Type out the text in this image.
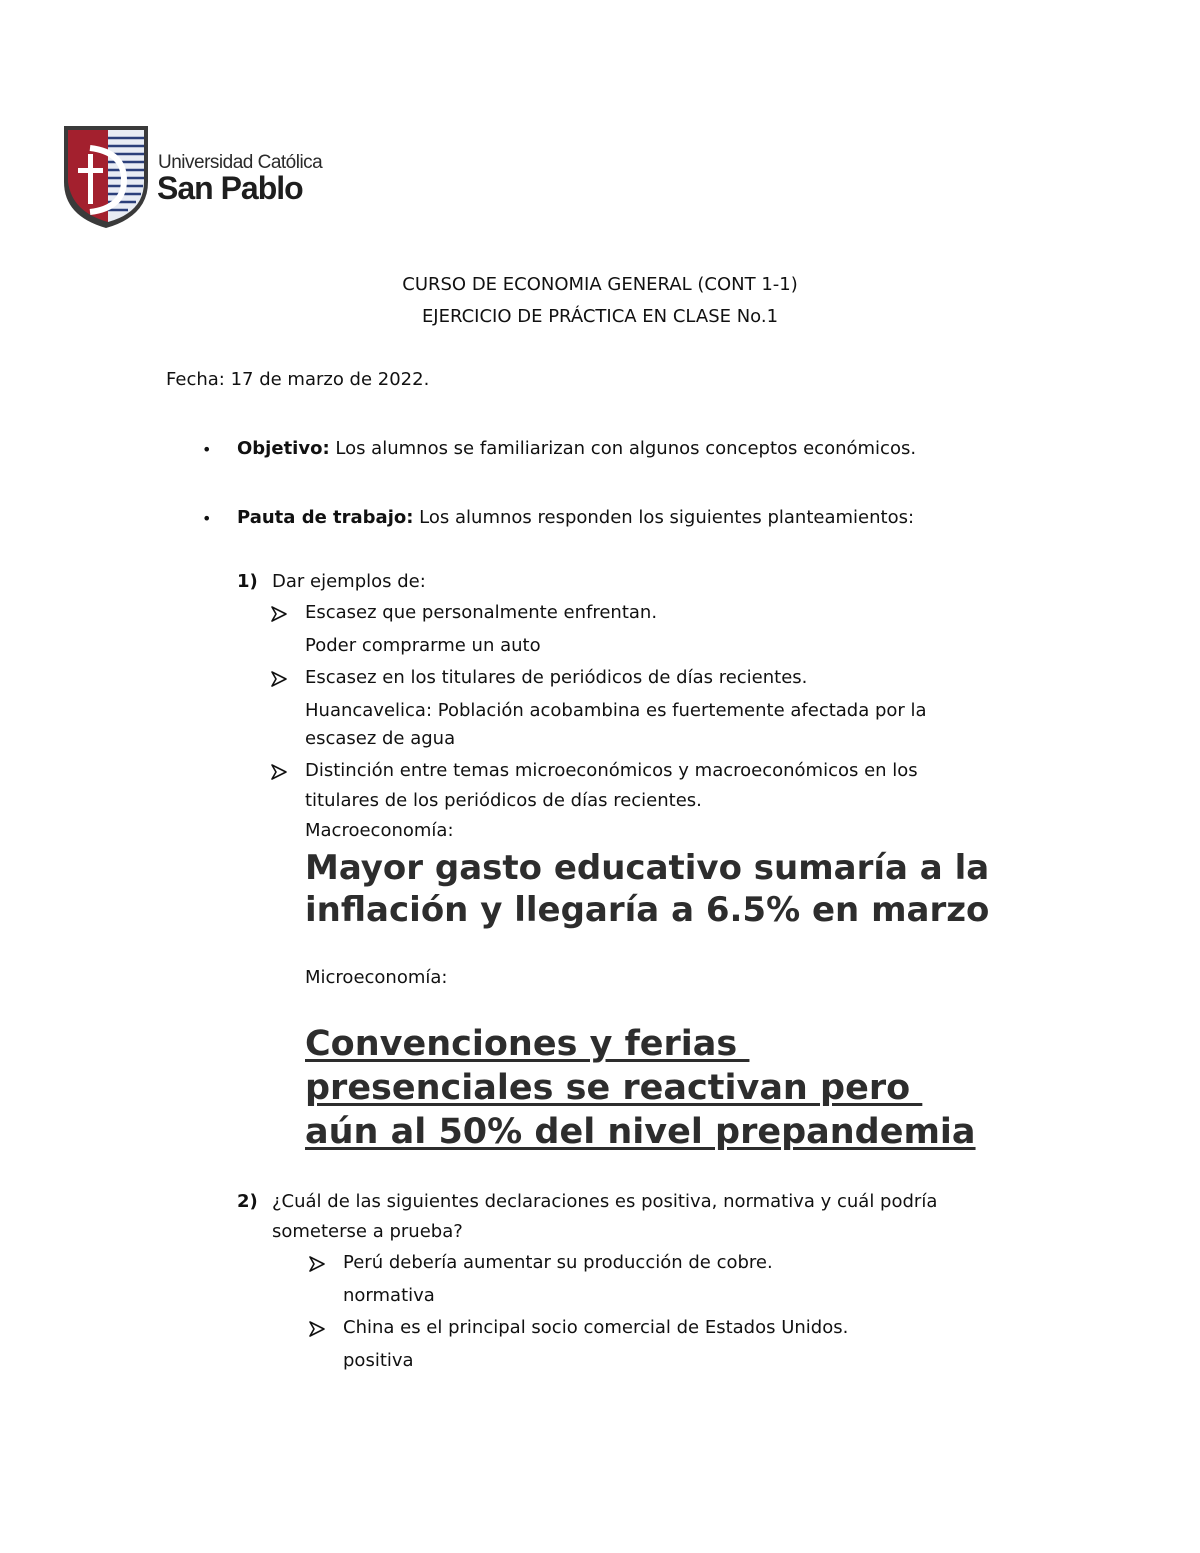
Universidad Católica
San Pablo
CURSO DE ECONOMIA GENERAL (CONT 1-1)
EJERCICIO DE PRÁCTICA EN CLASE No.1
Fecha: 17 de marzo de 2022.
• Objetivo: Los alumnos se familiarizan con algunos conceptos económicos.
• Pauta de trabajo: Los alumnos responden los siguientes planteamientos:
1) Dar ejemplos de:
Escasez que personalmente enfrentan.
Poder comprarme un auto
Escasez en los titulares de periódicos de días recientes.
Huancavelica: Población acobambina es fuertemente afectada por la
escasez de agua
Distinción entre temas microeconómicos y macroeconómicos en los
titulares de los periódicos de días recientes.
Macroeconomía:
Mayor gasto educativo sumaría a la
inflación y llegaría a 6.5% en marzo
Microeconomía:
Convenciones y ferias
presenciales se reactivan pero
aún al 50% del nivel prepandemia
2) ¿Cuál de las siguientes declaraciones es positiva, normativa y cuál podría
someterse a prueba?
Perú debería aumentar su producción de cobre.
normativa
China es el principal socio comercial de Estados Unidos.
positiva
